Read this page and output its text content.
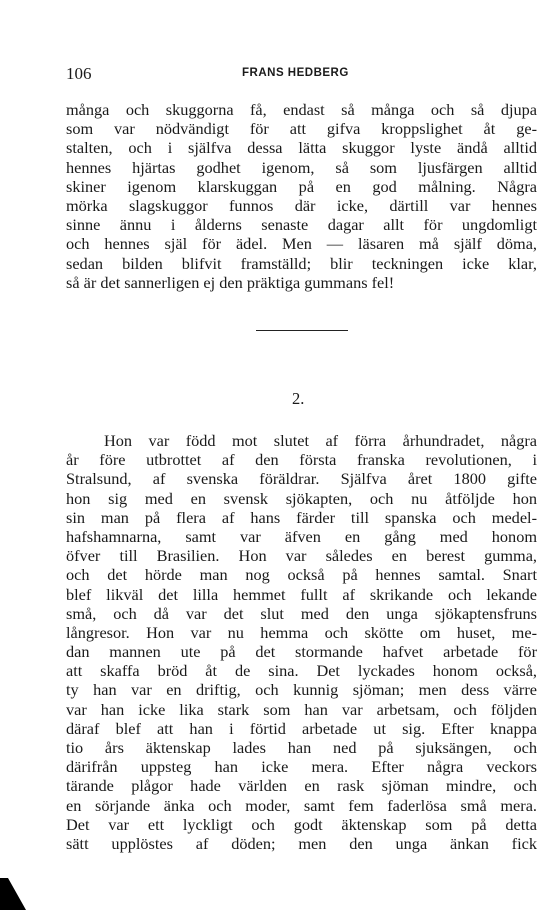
106	FRANS HEDBERG
många och skuggorna få, endast så många och så djupa
som var nödvändigt för att gifva kroppslighet åt ge-
stalten, och i själfva dessa lätta skuggor lyste ändå alltid
hennes hjärtas godhet igenom, så som ljusfärgen alltid
skiner igenom klarskuggan på en god målning. Några
mörka slagskuggor funnos där icke, därtill var hennes
sinne ännu i ålderns senaste dagar allt för ungdomligt
och hennes själ för ädel. Men — läsaren må själf döma,
sedan bilden blifvit framställd; blir teckningen icke klar,
så är det sannerligen ej den präktiga gummans fel!
2.
Hon var född mot slutet af förra århundradet, några
år före utbrottet af den första franska revolutionen, i
Stralsund, af svenska föräldrar. Själfva året 1800 gifte
hon sig med en svensk sjökapten, och nu åtföljde hon
sin man på flera af hans färder till spanska och medel-
hafshamnarna, samt var äfven en gång med honom
öfver till Brasilien. Hon var således en berest gumma,
och det hörde man nog också på hennes samtal. Snart
blef likväl det lilla hemmet fullt af skrikande och lekande
små, och då var det slut med den unga sjökaptensfruns
långresor. Hon var nu hemma och skötte om huset, me-
dan mannen ute på det stormande hafvet arbetade för
att skaffa bröd åt de sina. Det lyckades honom också,
ty han var en driftig, och kunnig sjöman; men dess värre
var han icke lika stark som han var arbetsam, och följden
däraf blef att han i förtid arbetade ut sig. Efter knappa
tio års äktenskap lades han ned på sjuksängen, och
därifrån uppsteg han icke mera. Efter några veckors
tärande plågor hade världen en rask sjöman mindre, och
en sörjande änka och moder, samt fem faderlösa små mera.
Det var ett lyckligt och godt äktenskap som på detta
sätt upplöstes af döden; men den unga änkan fick
